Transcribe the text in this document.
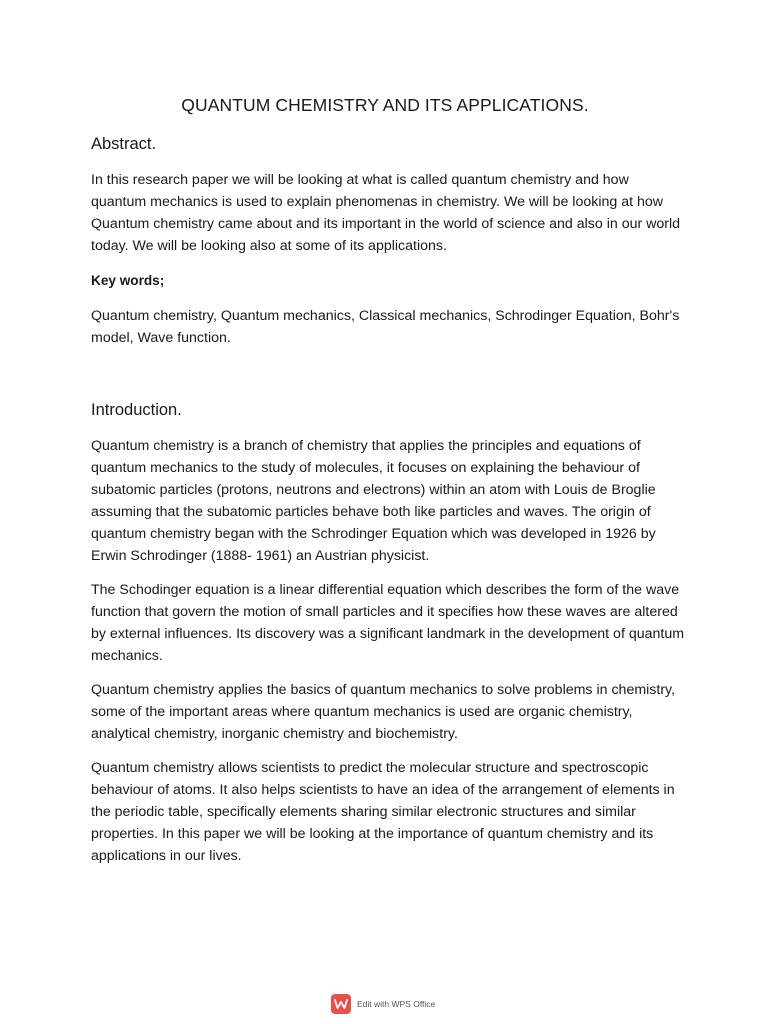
QUANTUM CHEMISTRY AND ITS APPLICATIONS.
Abstract.

In this research paper we will be looking at what is called quantum chemistry and how quantum mechanics is used to explain phenomenas in chemistry. We will be looking at how Quantum chemistry came about and its important in the world of science and also in our world today. We will be looking also at some of its applications.

Key words;

Quantum chemistry, Quantum mechanics, Classical mechanics, Schrodinger Equation, Bohr's model, Wave function.

Introduction.

Quantum chemistry is a branch of chemistry that applies the principles and equations of quantum mechanics to the study of molecules, it focuses on explaining the behaviour of subatomic particles (protons, neutrons and electrons) within an atom with Louis de Broglie assuming that the subatomic particles behave both like particles and waves. The origin of quantum chemistry began with the Schrodinger Equation which was developed in 1926 by Erwin Schrodinger (1888- 1961) an Austrian physicist.

The Schodinger equation is a linear differential equation which describes the form of the wave function that govern the motion of small particles and it specifies how these waves are altered by external influences. Its discovery was a significant landmark in the development of quantum mechanics.

Quantum chemistry applies the basics of quantum mechanics to solve problems in chemistry, some of the important areas where quantum mechanics is used are organic chemistry, analytical chemistry, inorganic chemistry and biochemistry.

Quantum chemistry allows scientists to predict the molecular structure and spectroscopic behaviour of atoms. It also helps scientists to have an idea of the arrangement of elements in the periodic table, specifically elements sharing similar electronic structures and similar properties. In this paper we will be looking at the importance of quantum chemistry and its applications in our lives.

Edit with WPS Office
